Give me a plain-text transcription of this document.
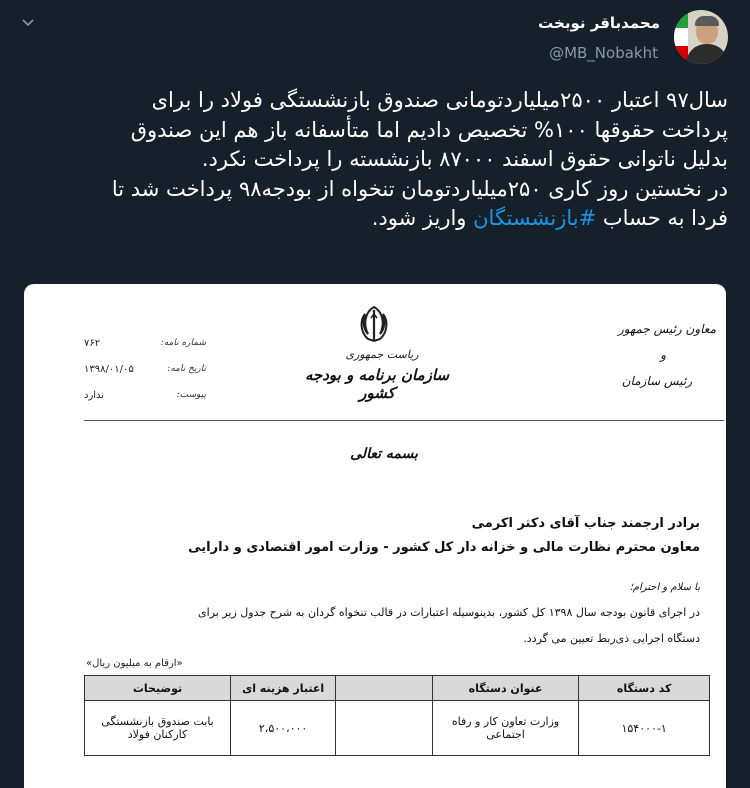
محمدباقر نوبخت
@MB_Nobakht

سال۹۷ اعتبار ۲۵۰۰میلیاردتومانی صندوق بازنشستگی فولاد را برای

پرداخت حقوقها ۱۰۰% تخصیص دادیم اما متأسفانه باز هم این صندوق

بدلیل ناتوانی حقوق اسفند ۸۷۰۰۰ بازنشسته را پرداخت نکرد.

در نخستین روز کاری ۲۵۰میلیاردتومان تنخواه از بودجه۹۸ پرداخت شد تا

فردا به حساب #بازنشستگان واریز شود.

ریاست جمهوری
سازمان برنامه و بودجه کشور
معاون رئیس جمهور
و
رئیس سازمان
شماره نامه:
۷۶۲
تاریخ نامه:
۱۳۹۸/۰۱/۰۵
پیوست:
ندارد
بسمه تعالی
برادر ارجمند جناب آقای دکتر اکرمی
معاون محترم نظارت مالی و خزانه دار کل کشور - وزارت امور اقتصادی و دارایی
با سلام و احترام؛
در اجرای قانون بودجه سال ۱۳۹۸ کل کشور، بدینوسیله اعتبارات در قالب تنخواه گردان به شرح جدول زیر برای
دستگاه اجرایی ذی‌ربط تعیین می گردد.
«ارقام به میلیون ریال»
کد دستگاه	عنوان دستگاه		اعتبار هزینه ای	توضیحات
۱۵۴۰۰۰-۱	وزارت تعاون کار و رفاه اجتماعی		۲،۵۰۰،۰۰۰	بابت صندوق بازنشستگی
کارکنان فولاد
